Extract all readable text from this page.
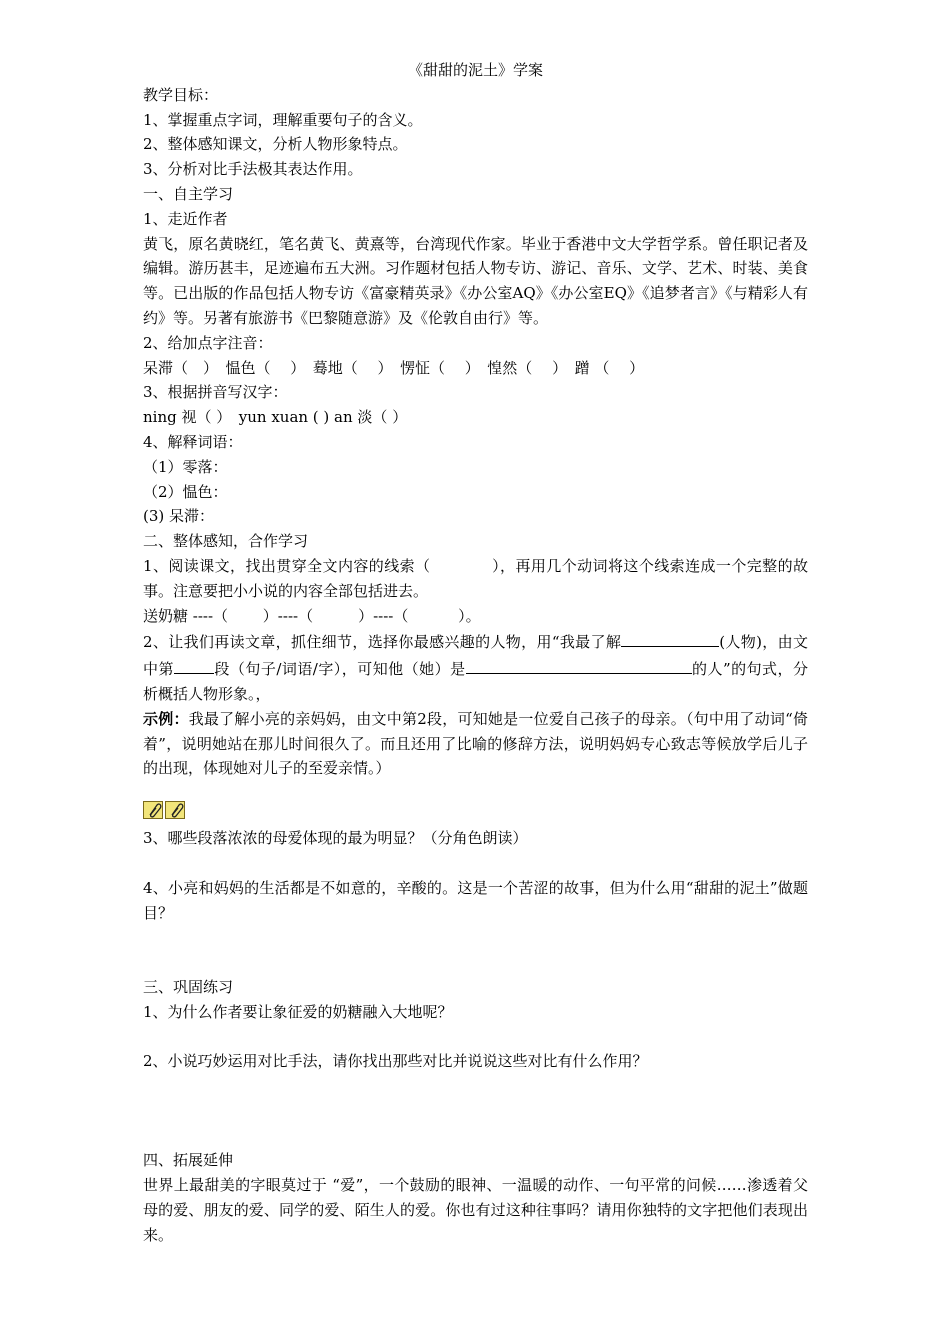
《甜甜的泥土》学案

教学目标：

1、掌握重点字词，理解重要句子的含义。

2、整体感知课文，分析人物形象特点。

3、分析对比手法极其表达作用。

一、自主学习

1、走近作者

黄飞，原名黄晓红，笔名黄飞、黄熹等，台湾现代作家。毕业于香港中文大学哲学系。曾任职记者及编辑。游历甚丰，足迹遍布五大洲。习作题材包括人物专访、游记、音乐、文学、艺术、时装、美食等。已出版的作品包括人物专访《富豪精英录》《办公室AQ》《办公室EQ》《追梦者言》《与精彩人有约》等。另著有旅游书《巴黎随意游》及《伦敦自由行》等。

2、给加点字注音：

呆滞（　）　愠色（　 ）　蓦地（　 ）　愣怔（　 ）　惶然（　 ）　蹭 （　 ）

3、根据拼音写汉字：

ning 视（ ）　yun xuan ( ) an 淡（ ）

4、解释词语：

（1）零落：

（2）愠色：

(3) 呆滞：

二、整体感知，合作学习

1、阅读课文，找出贯穿全文内容的线索（　　　　），再用几个动词将这个线索连成一个完整的故事。注意要把小小说的内容全部包括进去。

送奶糖 ----（　　 ）----（　　　）----（　　　 ）。

2、让我们再读文章，抓住细节，选择你最感兴趣的人物，用“我最了解	(人物)，由文中第	段（句子/词语/字），可知他（她）是	的人”的句式，分析概括人物形象。，

示例：我最了解小亮的亲妈妈，由文中第2段，可知她是一位爱自己孩子的母亲。（句中用了动词“倚着”，说明她站在那儿时间很久了。而且还用了比喻的修辞方法，说明妈妈专心致志等候放学后儿子的出现，体现她对儿子的至爱亲情。）

3、哪些段落浓浓的母爱体现的最为明显？（分角色朗读）

4、小亮和妈妈的生活都是不如意的，辛酸的。这是一个苦涩的故事，但为什么用“甜甜的泥土”做题目？

三、巩固练习

1、为什么作者要让象征爱的奶糖融入大地呢？

2、小说巧妙运用对比手法，请你找出那些对比并说说这些对比有什么作用？

四、拓展延伸

世界上最甜美的字眼莫过于 “爱”，一个鼓励的眼神、一温暖的动作、一句平常的问候……渗透着父母的爱、朋友的爱、同学的爱、陌生人的爱。你也有过这种往事吗？请用你独特的文字把他们表现出来。
